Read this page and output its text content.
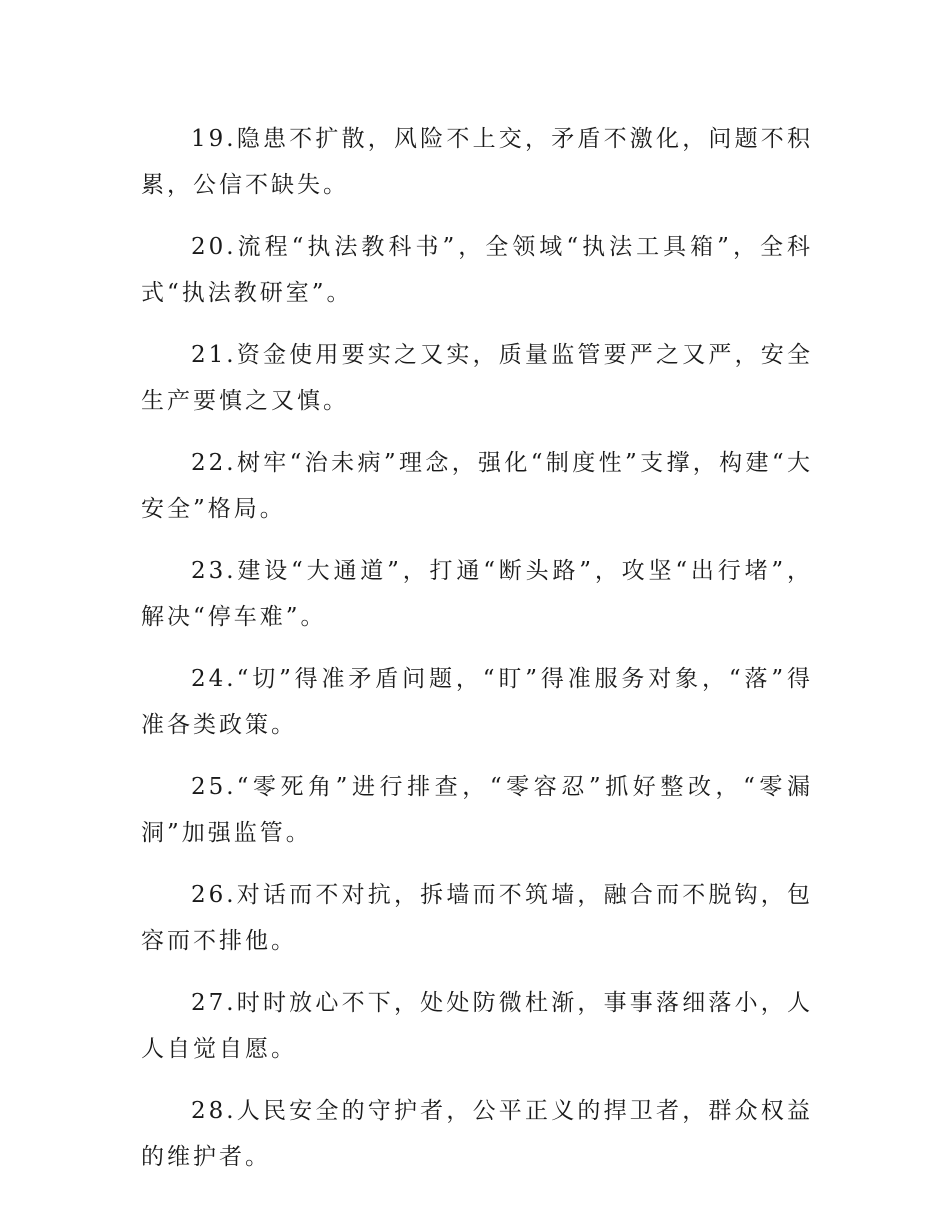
19.隐患不扩散，风险不上交，矛盾不激化，问题不积累，公信不缺失。

20.流程“执法教科书”，全领域“执法工具箱”，全科式“执法教研室”。

21.资金使用要实之又实，质量监管要严之又严，安全生产要慎之又慎。

22.树牢“治未病”理念，强化“制度性”支撑，构建“大安全”格局。

23.建设“大通道”，打通“断头路”，攻坚“出行堵”，解决“停车难”。

24.“切”得准矛盾问题，“盯”得准服务对象，“落”得准各类政策。

25.“零死角”进行排查，“零容忍”抓好整改，“零漏洞”加强监管。

26.对话而不对抗，拆墙而不筑墙，融合而不脱钩，包容而不排他。

27.时时放心不下，处处防微杜渐，事事落细落小，人人自觉自愿。

28.人民安全的守护者，公平正义的捍卫者，群众权益的维护者。
